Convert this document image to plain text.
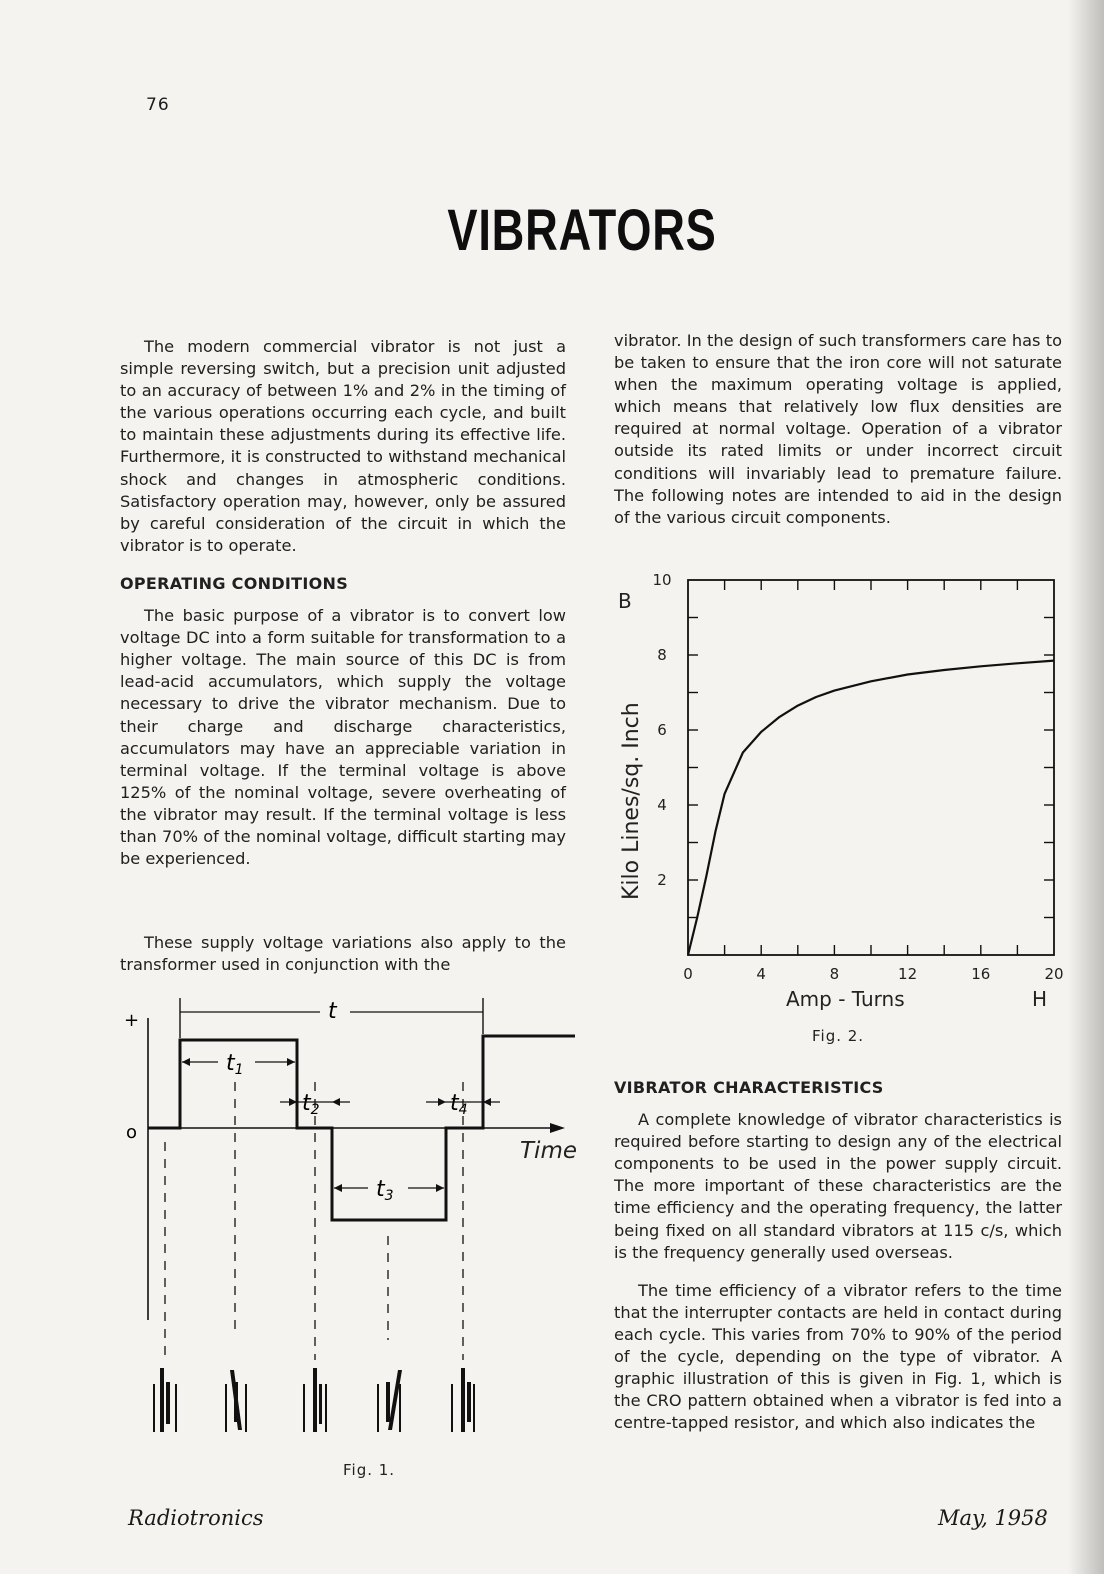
76
VIBRATORS

The modern commercial vibrator is not just a simple reversing switch, but a precision unit adjusted to an accuracy of between 1% and 2% in the timing of the various operations occurring each cycle, and built to maintain these adjustments during its effective life. Furthermore, it is constructed to withstand mechanical shock and changes in atmospheric conditions. Satisfactory operation may, however, only be assured by careful consideration of the circuit in which the vibrator is to operate.

OPERATING CONDITIONS

The basic purpose of a vibrator is to convert low voltage DC into a form suitable for transformation to a higher voltage. The main source of this DC is from lead-acid accumulators, which supply the voltage necessary to drive the vibrator mechanism. Due to their charge and discharge characteristics, accumulators may have an appreciable variation in terminal voltage. If the terminal voltage is above 125% of the nominal voltage, severe overheating of the vibrator may result. If the terminal voltage is less than 70% of the nominal voltage, difficult starting may be experienced.

These supply voltage variations also apply to the transformer used in conjunction with the

vibrator. In the design of such transformers care has to be taken to ensure that the iron core will not saturate when the maximum operating voltage is applied, which means that relatively low flux densities are required at normal voltage. Operation of a vibrator outside its rated limits or under incorrect circuit conditions will invariably lead to premature failure. The following notes are intended to aid in the design of the various circuit components.

VIBRATOR CHARACTERISTICS

A complete knowledge of vibrator characteristics is required before starting to design any of the electrical components to be used in the power supply circuit. The more important of these characteristics are the time efficiency and the operating frequency, the latter being fixed on all standard vibrators at 115 c/s, which is the frequency generally used overseas.

The time efficiency of a vibrator refers to the time that the interrupter contacts are held in contact during each cycle. This varies from 70% to 90% of the period of the cycle, depending on the type of vibrator. A graphic illustration of this is given in Fig. 1, which is the CRO pattern obtained when a vibrator is fed into a centre-tapped resistor, and which also indicates the

+
o
Time
t
t1
t2
t3
t4
Fig. 1.
0	4	8	12	16	20
2
4
6
8
10
B
H
Amp - Turns
Kilo Lines/sq. Inch
Fig. 2.
Radiotronics	May, 1958
